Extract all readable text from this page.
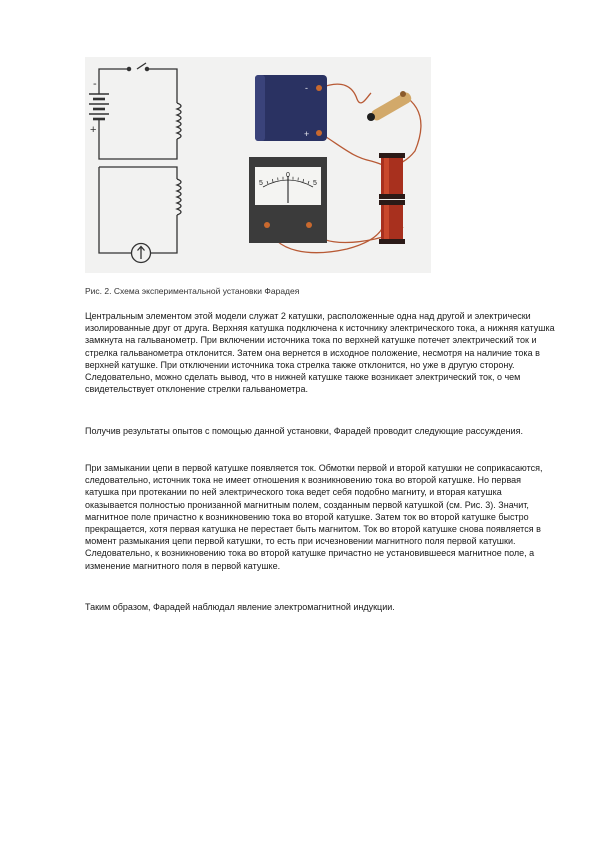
-
+
-
+
5
0
5
Рис. 2. Схема экспериментальной установки Фарадея

Центральным элементом этой модели служат 2 катушки, расположенные одна над другой и электрически изолированные друг от друга. Верхняя катушка подключена к источнику электрического тока, а нижняя катушка замкнута на гальванометр. При включении источника тока по верхней катушке потечет электрический ток и стрелка гальванометра отклонится. Затем она вернется в исходное положение, несмотря на наличие тока в верхней катушке. При отключении источника тока стрелка также отклонится, но уже в другую сторону. Следовательно, можно сделать вывод, что в нижней катушке также возникает электрический ток, о чем свидетельствует отклонение стрелки гальванометра.

Получив результаты опытов с помощью данной установки, Фарадей проводит следующие рассуждения.

При замыкании цепи в первой катушке появляется ток. Обмотки первой и второй катушки не соприкасаются, следовательно, источник тока не имеет отношения к возникновению тока во второй катушке. Но первая катушка при протекании по ней электрического тока ведет себя подобно магниту, и вторая катушка оказывается полностью пронизанной магнитным полем, созданным первой катушкой (см. Рис. 3). Значит, магнитное поле причастно к возникновению тока во второй катушке. Затем ток во второй катушке быстро прекращается, хотя первая катушка не перестает быть магнитом. Ток во второй катушке снова появляется в момент размыкания цепи первой катушки, то есть при исчезновении магнитного поля первой катушки. Следовательно, к возникновению тока во второй катушке причастно не установившееся магнитное поле, а изменение магнитного поля в первой катушке.

Таким образом, Фарадей наблюдал явление электромагнитной индукции.
